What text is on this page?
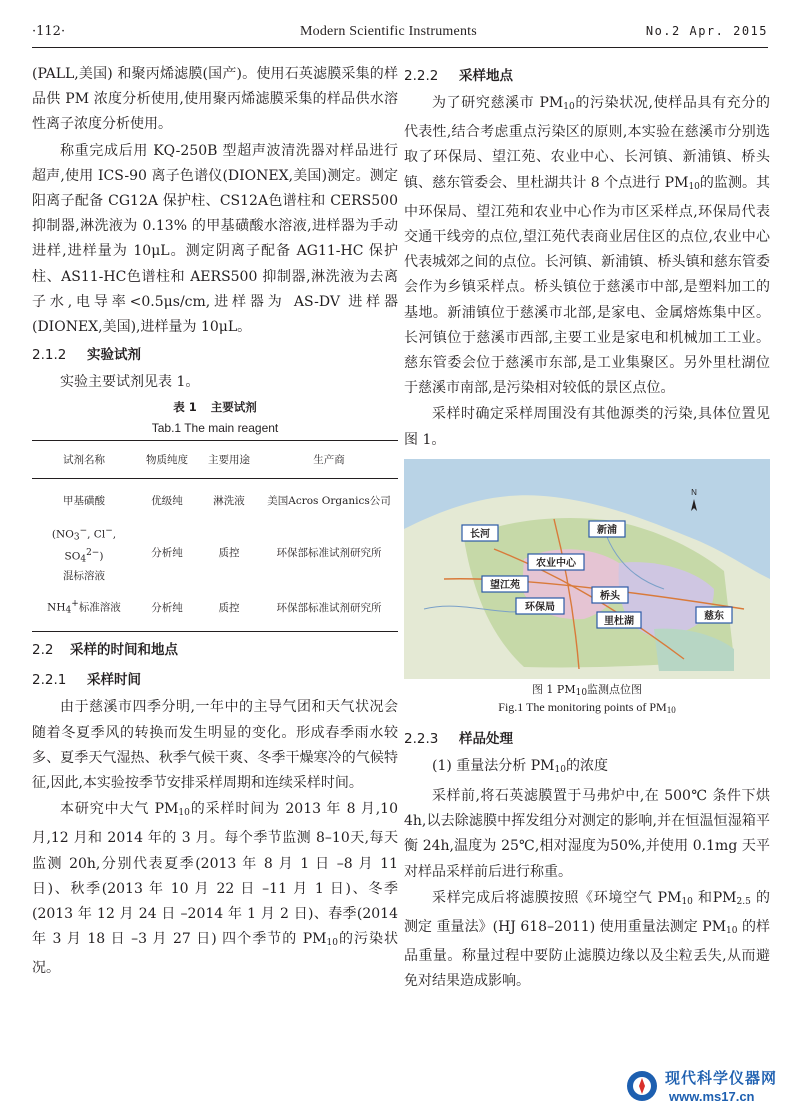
·112·	Modern Scientific Instruments	No.2 Apr. 2015

(PALL,美国) 和聚丙烯滤膜(国产)。使用石英滤膜采集的样品供 PM 浓度分析使用,使用聚丙烯滤膜采集的样品供水溶性离子浓度分析使用。

称重完成后用 KQ-250B 型超声波清洗器对样品进行超声,使用 ICS-90 离子色谱仪(DIONEX,美国)测定。测定阳离子配备 CG12A 保护柱、CS12A色谱柱和 CERS500 抑制器,淋洗液为 0.13% 的甲基磺酸水溶液,进样器为手动进样,进样量为 10μL。测定阴离子配备 AG11-HC 保护柱、AS11-HC色谱柱和 AERS500 抑制器,淋洗液为去离子水,电导率<0.5μs/cm,进样器为 AS-DV 进样器(DIONEX,美国),进样量为 10μL。

2.1.2 实验试剂

实验主要试剂见表 1。

表 1 主要试剂
Tab.1 The main reagent
试剂名称	物质纯度	主要用途	生产商
甲基磺酸	优级纯	淋洗液	美国Acros Organics公司
($NO_3^-$, Cl−, $SO_4^{2-}$)
混标溶液	分析纯	质控	环保部标准试剂研究所
$NH_4^+$标准溶液	分析纯	质控	环保部标准试剂研究所
2.2 采样的时间和地点
2.2.1 采样时间

由于慈溪市四季分明,一年中的主导气团和天气状况会随着冬夏季风的转换而发生明显的变化。形成春季雨水较多、夏季天气湿热、秋季气候干爽、冬季干燥寒冷的气候特征,因此,本实验按季节安排采样周期和连续采样时间。

本研究中大气 $PM_{10}$的采样时间为 2013 年 8 月,10 月,12 月和 2014 年的 3 月。每个季节监测 8–10天,每天监测 20h,分别代表夏季(2013 年 8 月 1 日 –8 月 11 日)、秋季(2013 年 10 月 22 日 –11 月 1 日)、冬季(2013 年 12 月 24 日 –2014 年 1 月 2 日)、春季(2014 年 3 月 18 日 –3 月 27 日) 四个季节的 $PM_{10}$的污染状况。

2.2.2 采样地点

为了研究慈溪市 $PM_{10}$的污染状况,使样品具有充分的代表性,结合考虑重点污染区的原则,本实验在慈溪市分别选取了环保局、望江苑、农业中心、长河镇、新浦镇、桥头镇、慈东管委会、里杜湖共计 8 个点进行 $PM_{10}$的监测。其中环保局、望江苑和农业中心作为市区采样点,环保局代表交通干线旁的点位,望江苑代表商业居住区的点位,农业中心代表城郊之间的点位。长河镇、新浦镇、桥头镇和慈东管委会作为乡镇采样点。桥头镇位于慈溪市中部,是塑料加工的基地。新浦镇位于慈溪市北部,是家电、金属熔炼集中区。长河镇位于慈溪市西部,主要工业是家电和机械加工工业。慈东管委会位于慈溪市东部,是工业集聚区。另外里杜湖位于慈溪市南部,是污染相对较低的景区点位。

采样时确定采样周围没有其他源类的污染,具体位置见图 1。

N
长河	新浦
农业中心
望江苑
桥头
环保局
里杜湖	慈东
图 1 $PM_{10}$监测点位图
Fig.1 The monitoring points of $PM_{10}$
2.2.3 样品处理

(1) 重量法分析 $PM_{10}$的浓度

采样前,将石英滤膜置于马弗炉中,在 500℃ 条件下烘 4h,以去除滤膜中挥发组分对测定的影响,并在恒温恒湿箱平衡 24h,温度为 25℃,相对湿度为50%,并使用 0.1mg 天平对样品采样前后进行称重。

采样完成后将滤膜按照《环境空气 $PM_{10}$ 和$PM_{2.5}$ 的测定 重量法》(HJ 618–2011) 使用重量法测定 $PM_{10}$ 的样品重量。称量过程中要防止滤膜边缘以及尘粒丢失,从而避免对结果造成影响。

现代科学仪器网
www.ms17.cn
